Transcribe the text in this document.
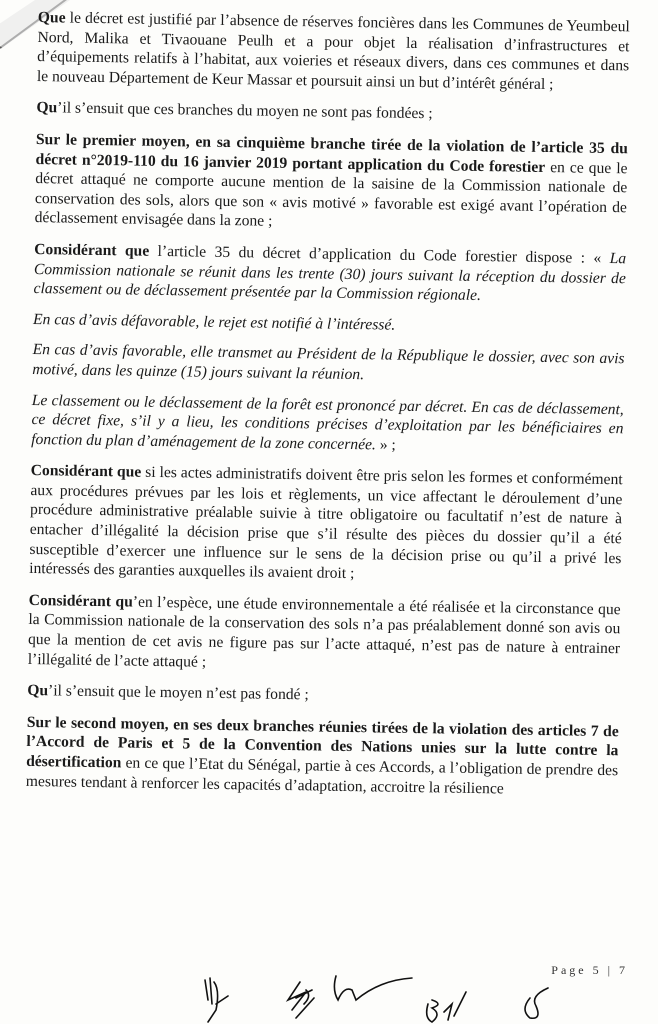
Que le décret est justifié par l’absence de réserves foncières dans les Communes de Yeumbeul Nord, Malika et Tivaouane Peulh et a pour objet la réalisation d’infrastructures et d’équipements relatifs à l’habitat, aux voieries et réseaux divers, dans ces communes et dans le nouveau Département de Keur Massar et poursuit ainsi un but d’intérêt général ;

Qu’il s’ensuit que ces branches du moyen ne sont pas fondées ;

Sur le premier moyen, en sa cinquième branche tirée de la violation de l’article 35 du décret n°2019-110 du 16 janvier 2019 portant application du Code forestier en ce que le décret attaqué ne comporte aucune mention de la saisine de la Commission nationale de conservation des sols, alors que son « avis motivé » favorable est exigé avant l’opération de déclassement envisagée dans la zone ;

Considérant que l’article 35 du décret d’application du Code forestier dispose : « La Commission nationale se réunit dans les trente (30) jours suivant la réception du dossier de classement ou de déclassement présentée par la Commission régionale.

En cas d’avis défavorable, le rejet est notifié à l’intéressé.

En cas d’avis favorable, elle transmet au Président de la République le dossier, avec son avis motivé, dans les quinze (15) jours suivant la réunion.

Le classement ou le déclassement de la forêt est prononcé par décret. En cas de déclassement, ce décret fixe, s’il y a lieu, les conditions précises d’exploitation par les bénéficiaires en fonction du plan d’aménagement de la zone concernée. » ;

Considérant que si les actes administratifs doivent être pris selon les formes et conformément aux procédures prévues par les lois et règlements, un vice affectant le déroulement d’une procédure administrative préalable suivie à titre obligatoire ou facultatif n’est de nature à entacher d’illégalité la décision prise que s’il résulte des pièces du dossier qu’il a été susceptible d’exercer une influence sur le sens de la décision prise ou qu’il a privé les intéressés des garanties auxquelles ils avaient droit ;

Considérant qu’en l’espèce, une étude environnementale a été réalisée et la circonstance que la Commission nationale de la conservation des sols n’a pas préalablement donné son avis ou que la mention de cet avis ne figure pas sur l’acte attaqué, n’est pas de nature à entrainer l’illégalité de l’acte attaqué ;

Qu’il s’ensuit que le moyen n’est pas fondé ;

Sur le second moyen, en ses deux branches réunies tirées de la violation des articles 7 de l’Accord de Paris et 5 de la Convention des Nations unies sur la lutte contre la désertification en ce que l’Etat du Sénégal, partie à ces Accords, a l’obligation de prendre des mesures tendant à renforcer les capacités d’adaptation, accroitre la résilience

Page 5 | 7
